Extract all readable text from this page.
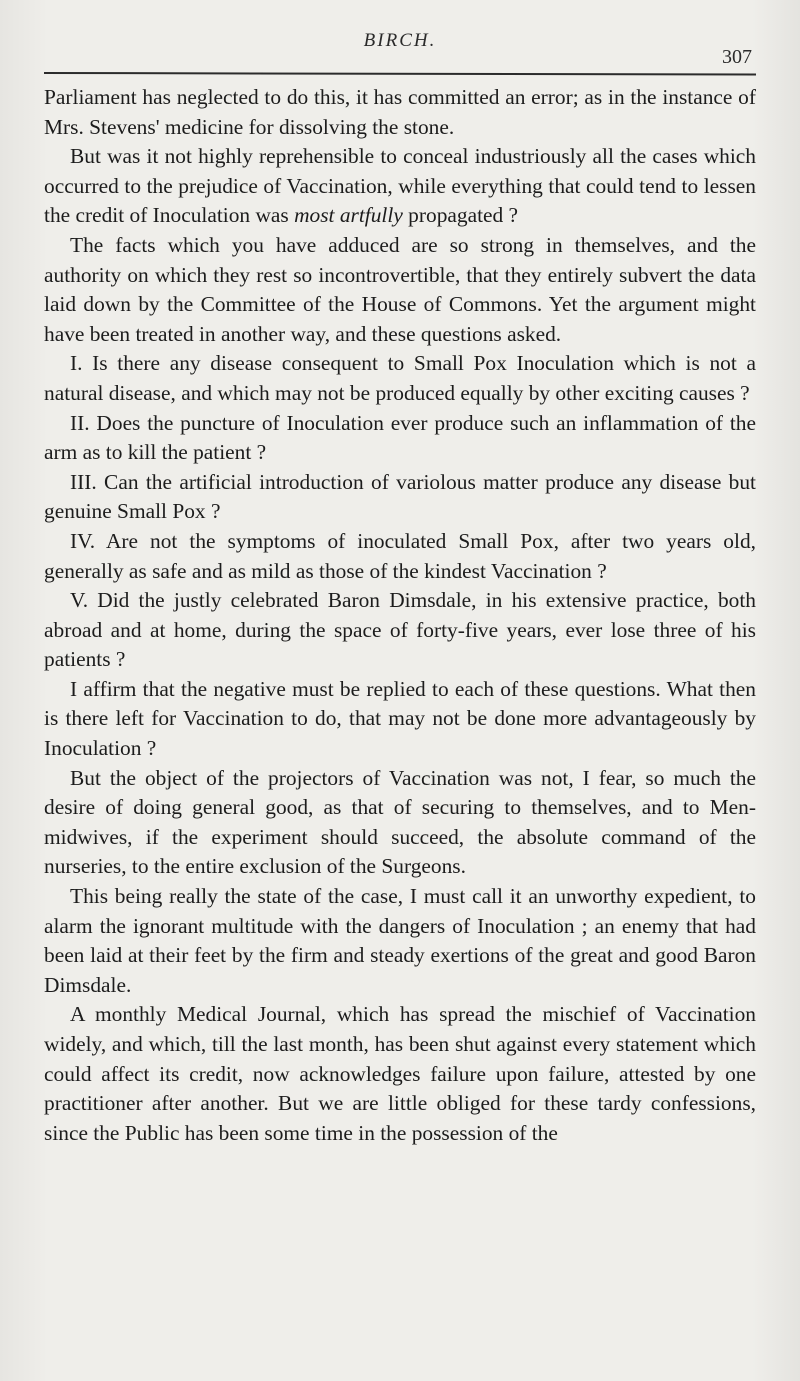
BIRCH.
307

Parliament has neglected to do this, it has committed an error; as in the instance of Mrs. Stevens' medicine for dissolving the stone.

But was it not highly reprehensible to conceal industriously all the cases which occurred to the prejudice of Vaccination, while everything that could tend to lessen the credit of Inoculation was most artfully propagated ?

The facts which you have adduced are so strong in themselves, and the authority on which they rest so incontrovertible, that they entirely subvert the data laid down by the Committee of the House of Commons. Yet the argument might have been treated in another way, and these questions asked.

I. Is there any disease consequent to Small Pox Inoculation which is not a natural disease, and which may not be produced equally by other exciting causes ?

II. Does the puncture of Inoculation ever produce such an inflammation of the arm as to kill the patient ?

III. Can the artificial introduction of variolous matter produce any disease but genuine Small Pox ?

IV. Are not the symptoms of inoculated Small Pox, after two years old, generally as safe and as mild as those of the kindest Vaccination ?

V. Did the justly celebrated Baron Dimsdale, in his extensive practice, both abroad and at home, during the space of forty-five years, ever lose three of his patients ?

I affirm that the negative must be replied to each of these questions. What then is there left for Vaccination to do, that may not be done more advantageously by Inoculation ?

But the object of the projectors of Vaccination was not, I fear, so much the desire of doing general good, as that of securing to themselves, and to Men-midwives, if the experiment should succeed, the absolute command of the nurseries, to the entire exclusion of the Surgeons.

This being really the state of the case, I must call it an unworthy expedient, to alarm the ignorant multitude with the dangers of Inoculation ; an enemy that had been laid at their feet by the firm and steady exertions of the great and good Baron Dimsdale.

A monthly Medical Journal, which has spread the mischief of Vaccination widely, and which, till the last month, has been shut against every statement which could affect its credit, now acknowledges failure upon failure, attested by one practitioner after another. But we are little obliged for these tardy confessions, since the Public has been some time in the possession of the
